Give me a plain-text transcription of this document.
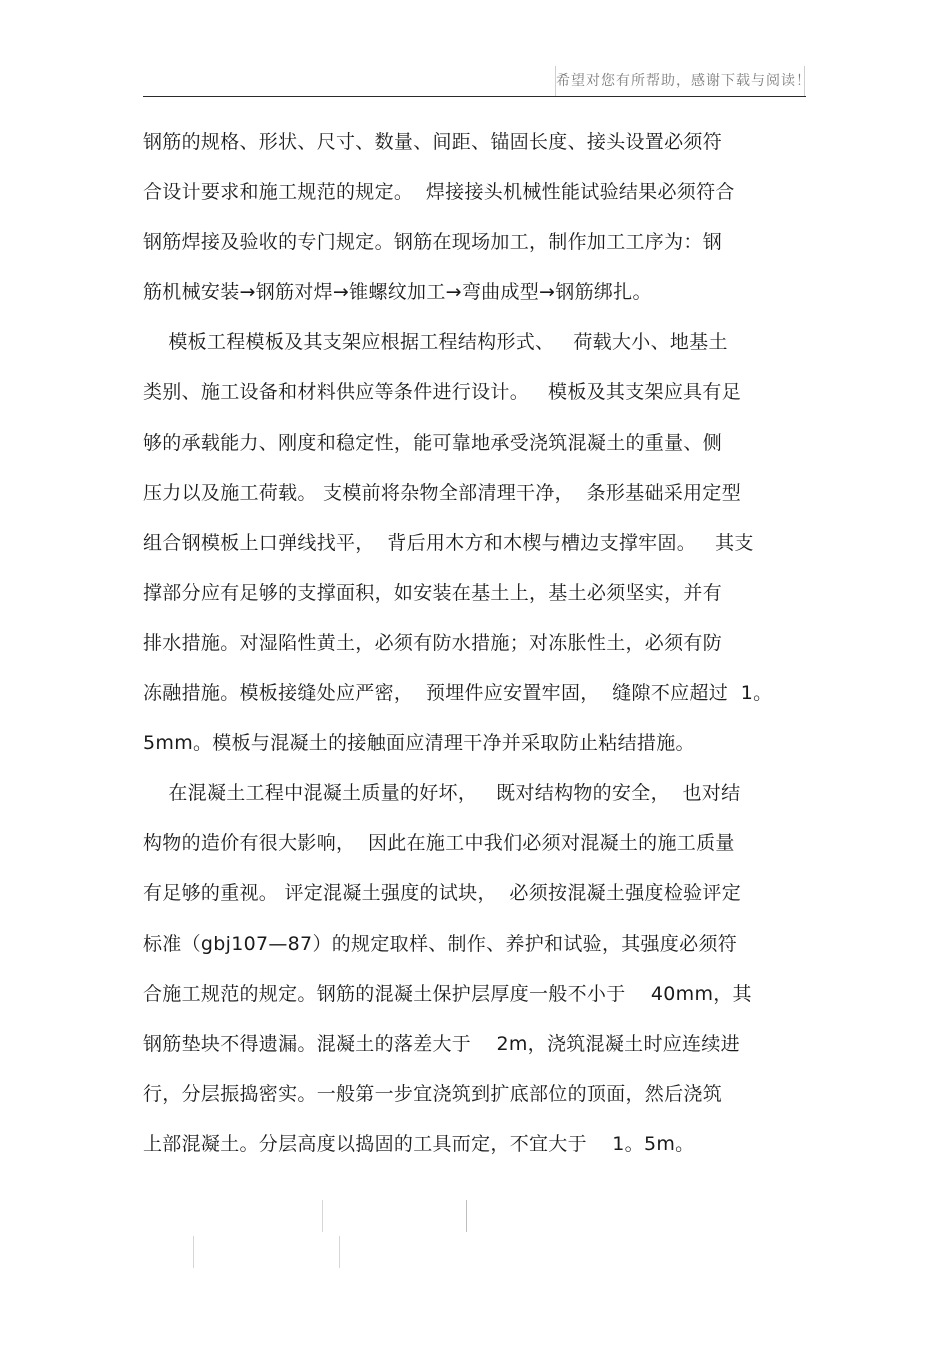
希望对您有所帮助，感谢下载与阅读！
钢筋的规格、形状、尺寸、数量、间距、锚固长度、接头设置必须符
合设计要求和施工规范的规定。  焊接接头机械性能试验结果必须符合
钢筋焊接及验收的专门规定。钢筋在现场加工，制作加工工序为：钢
筋机械安装→钢筋对焊→锥螺纹加工→弯曲成型→钢筋绑扎。
模板工程模板及其支架应根据工程结构形式、   荷载大小、地基土
类别、施工设备和材料供应等条件进行设计。   模板及其支架应具有足
够的承载能力、刚度和稳定性，能可靠地承受浇筑混凝土的重量、侧
压力以及施工荷载。 支模前将杂物全部清理干净，  条形基础采用定型
组合钢模板上口弹线找平，  背后用木方和木楔与槽边支撑牢固。   其支
撑部分应有足够的支撑面积，如安装在基土上，基土必须坚实，并有
排水措施。对湿陷性黄土，必须有防水措施；对冻胀性土，必须有防
冻融措施。模板接缝处应严密，  预埋件应安置牢固，  缝隙不应超过  1。
5mm。模板与混凝土的接触面应清理干净并采取防止粘结措施。
在混凝土工程中混凝土质量的好坏，   既对结构物的安全，  也对结
构物的造价有很大影响，  因此在施工中我们必须对混凝土的施工质量
有足够的重视。 评定混凝土强度的试块，  必须按混凝土强度检验评定
标准（gbj107—87）的规定取样、制作、养护和试验，其强度必须符
合施工规范的规定。钢筋的混凝土保护层厚度一般不小于    40mm，其
钢筋垫块不得遗漏。混凝土的落差大于    2m，浇筑混凝土时应连续进
行，分层振捣密实。一般第一步宜浇筑到扩底部位的顶面，然后浇筑
上部混凝土。分层高度以捣固的工具而定，不宜大于    1。5m。
